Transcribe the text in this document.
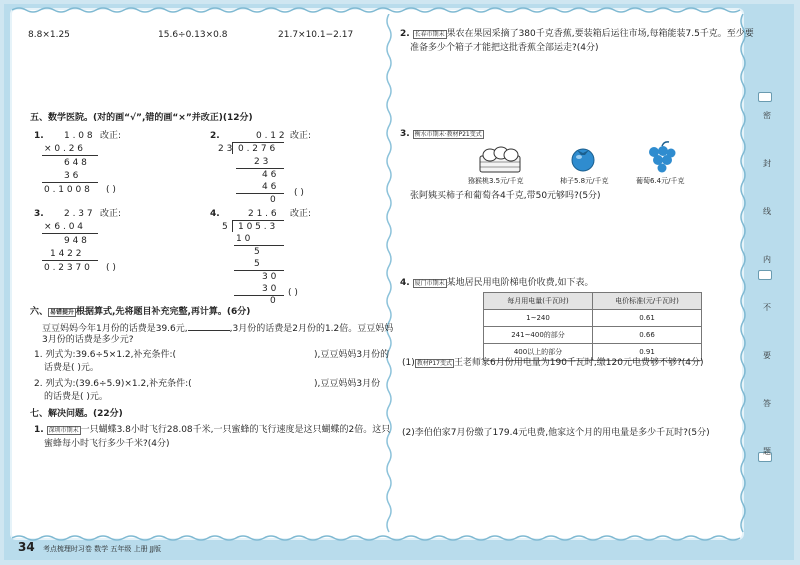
8.8×1.25	15.6÷0.13×0.8	21.7×10.1−2.17
五、数学医院。(对的画“√”,错的画“×”并改正)(12分)
1. 1 . 0 8 改正:
× 0 . 2 6
6 4 8
3 6
0 . 1 0 0 8 ( )
2.	0 . 1 2 改正:
2 3 0 . 2 7 6
2 3
4 6
4 6
0
( )
3. 2 . 3 7 改正:
× 6 . 0 4
9 4 8
1 4 2 2
0 . 2 3 7 0 ( )
4.	2 1 . 6 改正:
5 1 0 5 . 3
1 0
5
5
3 0
3 0
0
( )
六、 易错提升 根据算式,先将题目补充完整,再计算。(6分)
豆豆妈妈今年1月份的话费是39.6元,	,3月份的话费是2月份的1.2倍。豆豆妈妈
3月份的话费是多少元?
1. 列式为:39.6÷5×1.2,补充条件:(	),豆豆妈妈3月份的
话费是( )元。
2. 列式为:(39.6÷5.9)×1.2,补充条件:(	),豆豆妈妈3月份
的话费是( )元。
七、解决问题。(22分)
1. 深圳市期末 一只蝴蝶3.8小时飞行28.08千米,一只蜜蜂的飞行速度是这只蝴蝶的2倍。这只
蜜蜂每小时飞行多少千米?(4分)
2. 长春市期末 果农在果园采摘了380千克香蕉,要装箱后运往市场,每箱能装7.5千克。至少要
准备多少个箱子才能把这批香蕉全部运走?(4分)
3. 衡水市期末·教材P21变式
猕猴桃3.5元/千克	柿子5.8元/千克	葡萄6.4元/千克
张阿姨买柿子和葡萄各4千克,带50元够吗?(5分)
4. 厦门市期末 某地居民用电阶梯电价收费,如下表。
每月用电量(千瓦时)	电价标准(元/千瓦时)
1~240	0.61
241~400的部分	0.66
400以上的部分	0.91
(1) 教材P17变式 王老师家6月份用电量为190千瓦时,缴120元电费够不够?(4分)
(2)李伯伯家7月份缴了179.4元电费,他家这个月的用电量是多少千瓦时?(5分)
密
封
线
内
不
要
答
题
34 考点梳理时习卷 数学 五年级 上册 JJ版
